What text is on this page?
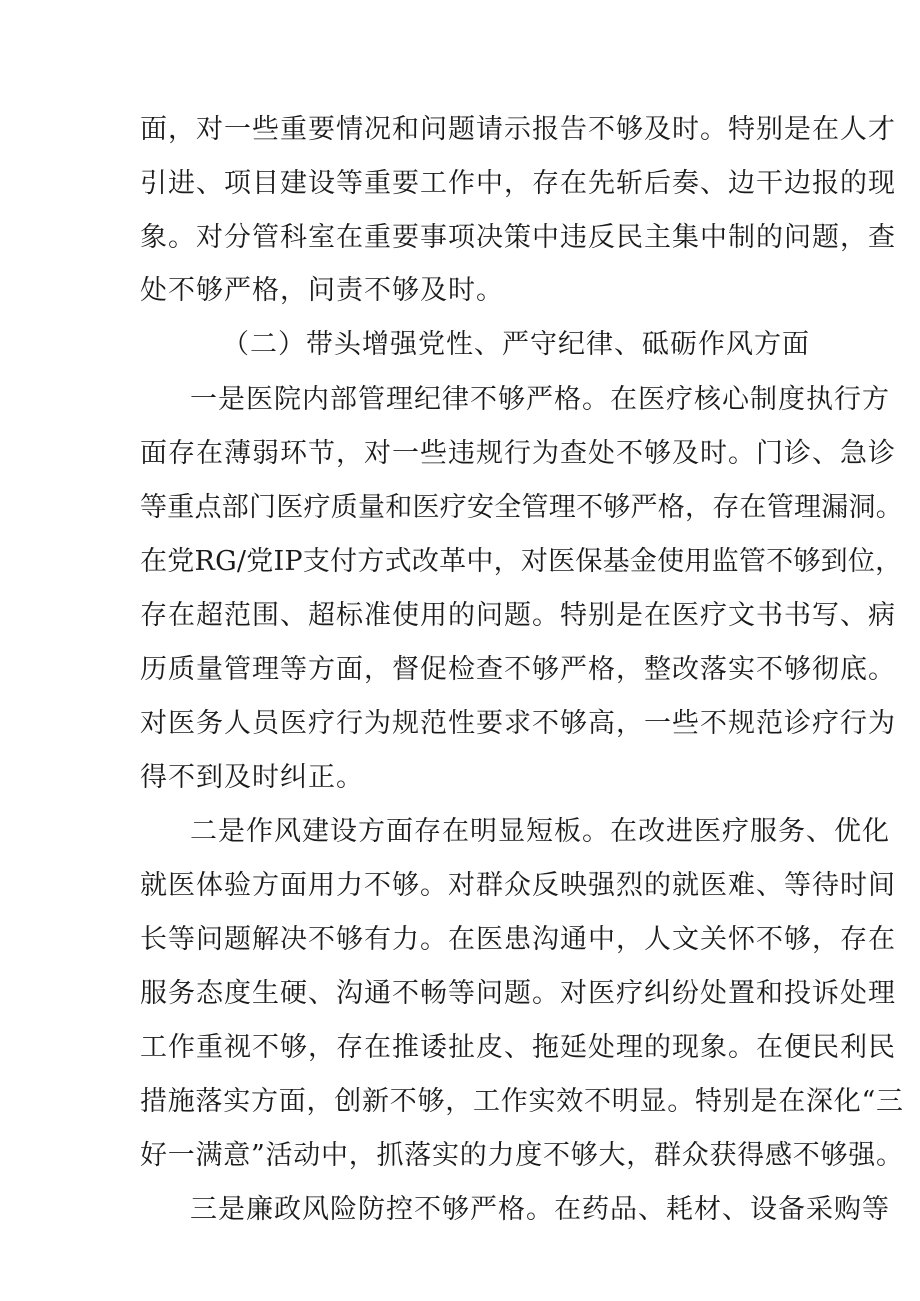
面，对一些重要情况和问题请示报告不够及时。特别是在人才
引进、项目建设等重要工作中，存在先斩后奏、边干边报的现
象。对分管科室在重要事项决策中违反民主集中制的问题，查
处不够严格，问责不够及时。
（二）带头增强党性、严守纪律、砥砺作风方面
一是医院内部管理纪律不够严格。在医疗核心制度执行方
面存在薄弱环节，对一些违规行为查处不够及时。门诊、急诊
等重点部门医疗质量和医疗安全管理不够严格，存在管理漏洞。
在党RG/党IP支付方式改革中，对医保基金使用监管不够到位，
存在超范围、超标准使用的问题。特别是在医疗文书书写、病
历质量管理等方面，督促检查不够严格，整改落实不够彻底。
对医务人员医疗行为规范性要求不够高，一些不规范诊疗行为
得不到及时纠正。
二是作风建设方面存在明显短板。在改进医疗服务、优化
就医体验方面用力不够。对群众反映强烈的就医难、等待时间
长等问题解决不够有力。在医患沟通中，人文关怀不够，存在
服务态度生硬、沟通不畅等问题。对医疗纠纷处置和投诉处理
工作重视不够，存在推诿扯皮、拖延处理的现象。在便民利民
措施落实方面，创新不够，工作实效不明显。特别是在深化“三
好一满意”活动中，抓落实的力度不够大，群众获得感不够强。
三是廉政风险防控不够严格。在药品、耗材、设备采购等
